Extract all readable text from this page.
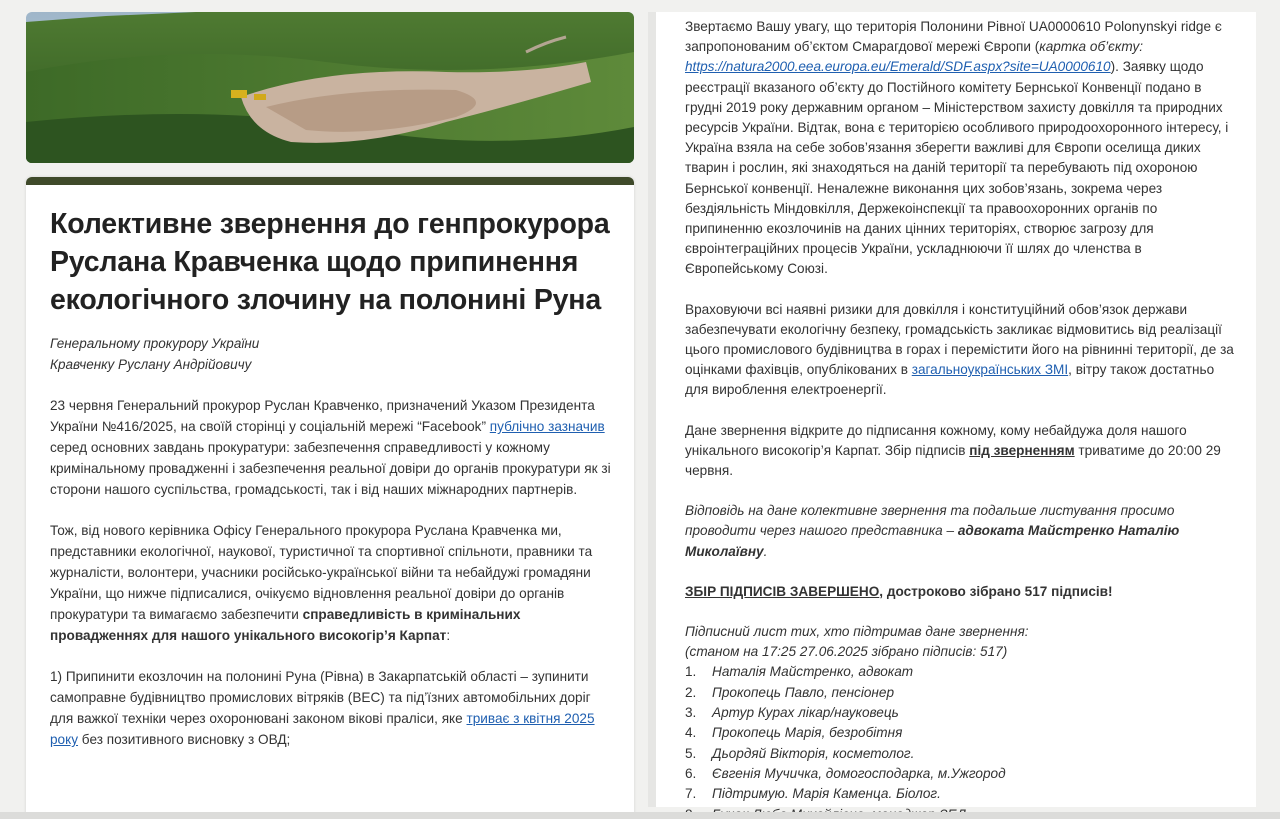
Колективне звернення до генпрокурора Руслана Кравченка щодо припинення екологічного злочину на полонині Руна
Генеральному прокурору України
Кравченку Руслану Андрійовичу

23 червня Генеральний прокурор Руслан Кравченко, призначений Указом Президента України №416/2025, на своїй сторінці у соціальній мережі “Facebook” публічно зазначив серед основних завдань прокуратури: забезпечення справедливості у кожному кримінальному провадженні і забезпечення реальної довіри до органів прокуратури як зі сторони нашого суспільства, громадськості, так і від наших міжнародних партнерів.

Тож, від нового керівника Офісу Генерального прокурора Руслана Кравченка ми, представники екологічної, наукової, туристичної та спортивної спільноти, правники та журналісти, волонтери, учасники російсько-української війни та небайдужі громадяни України, що нижче підписалися, очікуємо відновлення реальної довіри до органів прокуратури та вимагаємо забезпечити справедливість в кримінальних провадженнях для нашого унікального високогір’я Карпат:

1) Припинити екозлочин на полонині Руна (Рівна) в Закарпатській області – зупинити самоправне будівництво промислових вітряків (ВЕС) та під’їзних автомобільних доріг для важкої техніки через охоронювані законом вікові праліси, яке триває з квітня 2025 року без позитивного висновку з ОВД;

Звертаємо Вашу увагу, що територія Полонини Рівної UA0000610 Polonynskyi ridge є запропонованим об’єктом Смарагдової мережі Європи (картка об’єкту: https://natura2000.eea.europa.eu/Emerald/SDF.aspx?site=UA0000610). Заявку щодо реєстрації вказаного об’єкту до Постійного комітету Бернської Конвенції подано в грудні 2019 року державним органом – Міністерством захисту довкілля та природних ресурсів України. Відтак, вона є територією особливого природоохоронного інтересу, і Україна взяла на себе зобов’язання зберегти важливі для Європи оселища диких тварин і рослин, які знаходяться на даній території та перебувають під охороною Бернської конвенції. Неналежне виконання цих зобов’язань, зокрема через бездіяльність Міндовкілля, Держекоінспекції та правоохоронних органів по припиненню екозлочинів на даних цінних територіях, створює загрозу для євроінтеграційних процесів України, ускладнюючи її шлях до членства в Європейському Союзі.

Враховуючи всі наявні ризики для довкілля і конституційний обов’язок держави забезпечувати екологічну безпеку, громадськість закликає відмовитись від реалізації цього промислового будівництва в горах і перемістити його на рівнинні території, де за оцінками фахівців, опублікованих в загальноукраїнських ЗМІ, вітру також достатньо для вироблення електроенергії.

Дане звернення відкрите до підписання кожному, кому небайдужа доля нашого унікального високогір’я Карпат. Збір підписів під зверненням триватиме до 20:00 29 червня.

Відповідь на дане колективне звернення та подальше листування просимо проводити через нашого представника – адвоката Майстренко Наталію Миколаївну.

ЗБІР ПІДПИСІВ ЗАВЕРШЕНО, достроково зібрано 517 підписів!

Підписний лист тих, хто підтримав дане звернення:
(станом на 17:25 27.06.2025 зібрано підписів: 517)
1. Наталія Майстренко, адвокат
2. Прокопець Павло, пенсіонер
3. Артур Курах лікар/науковець
4. Прокопець Марія, безробітня
5. Дьордяй Вікторія, косметолог.
6. Євгенія Мучичка, домогосподарка, м.Ужгород
7. Підтримую. Марія Каменца. Біолог.
